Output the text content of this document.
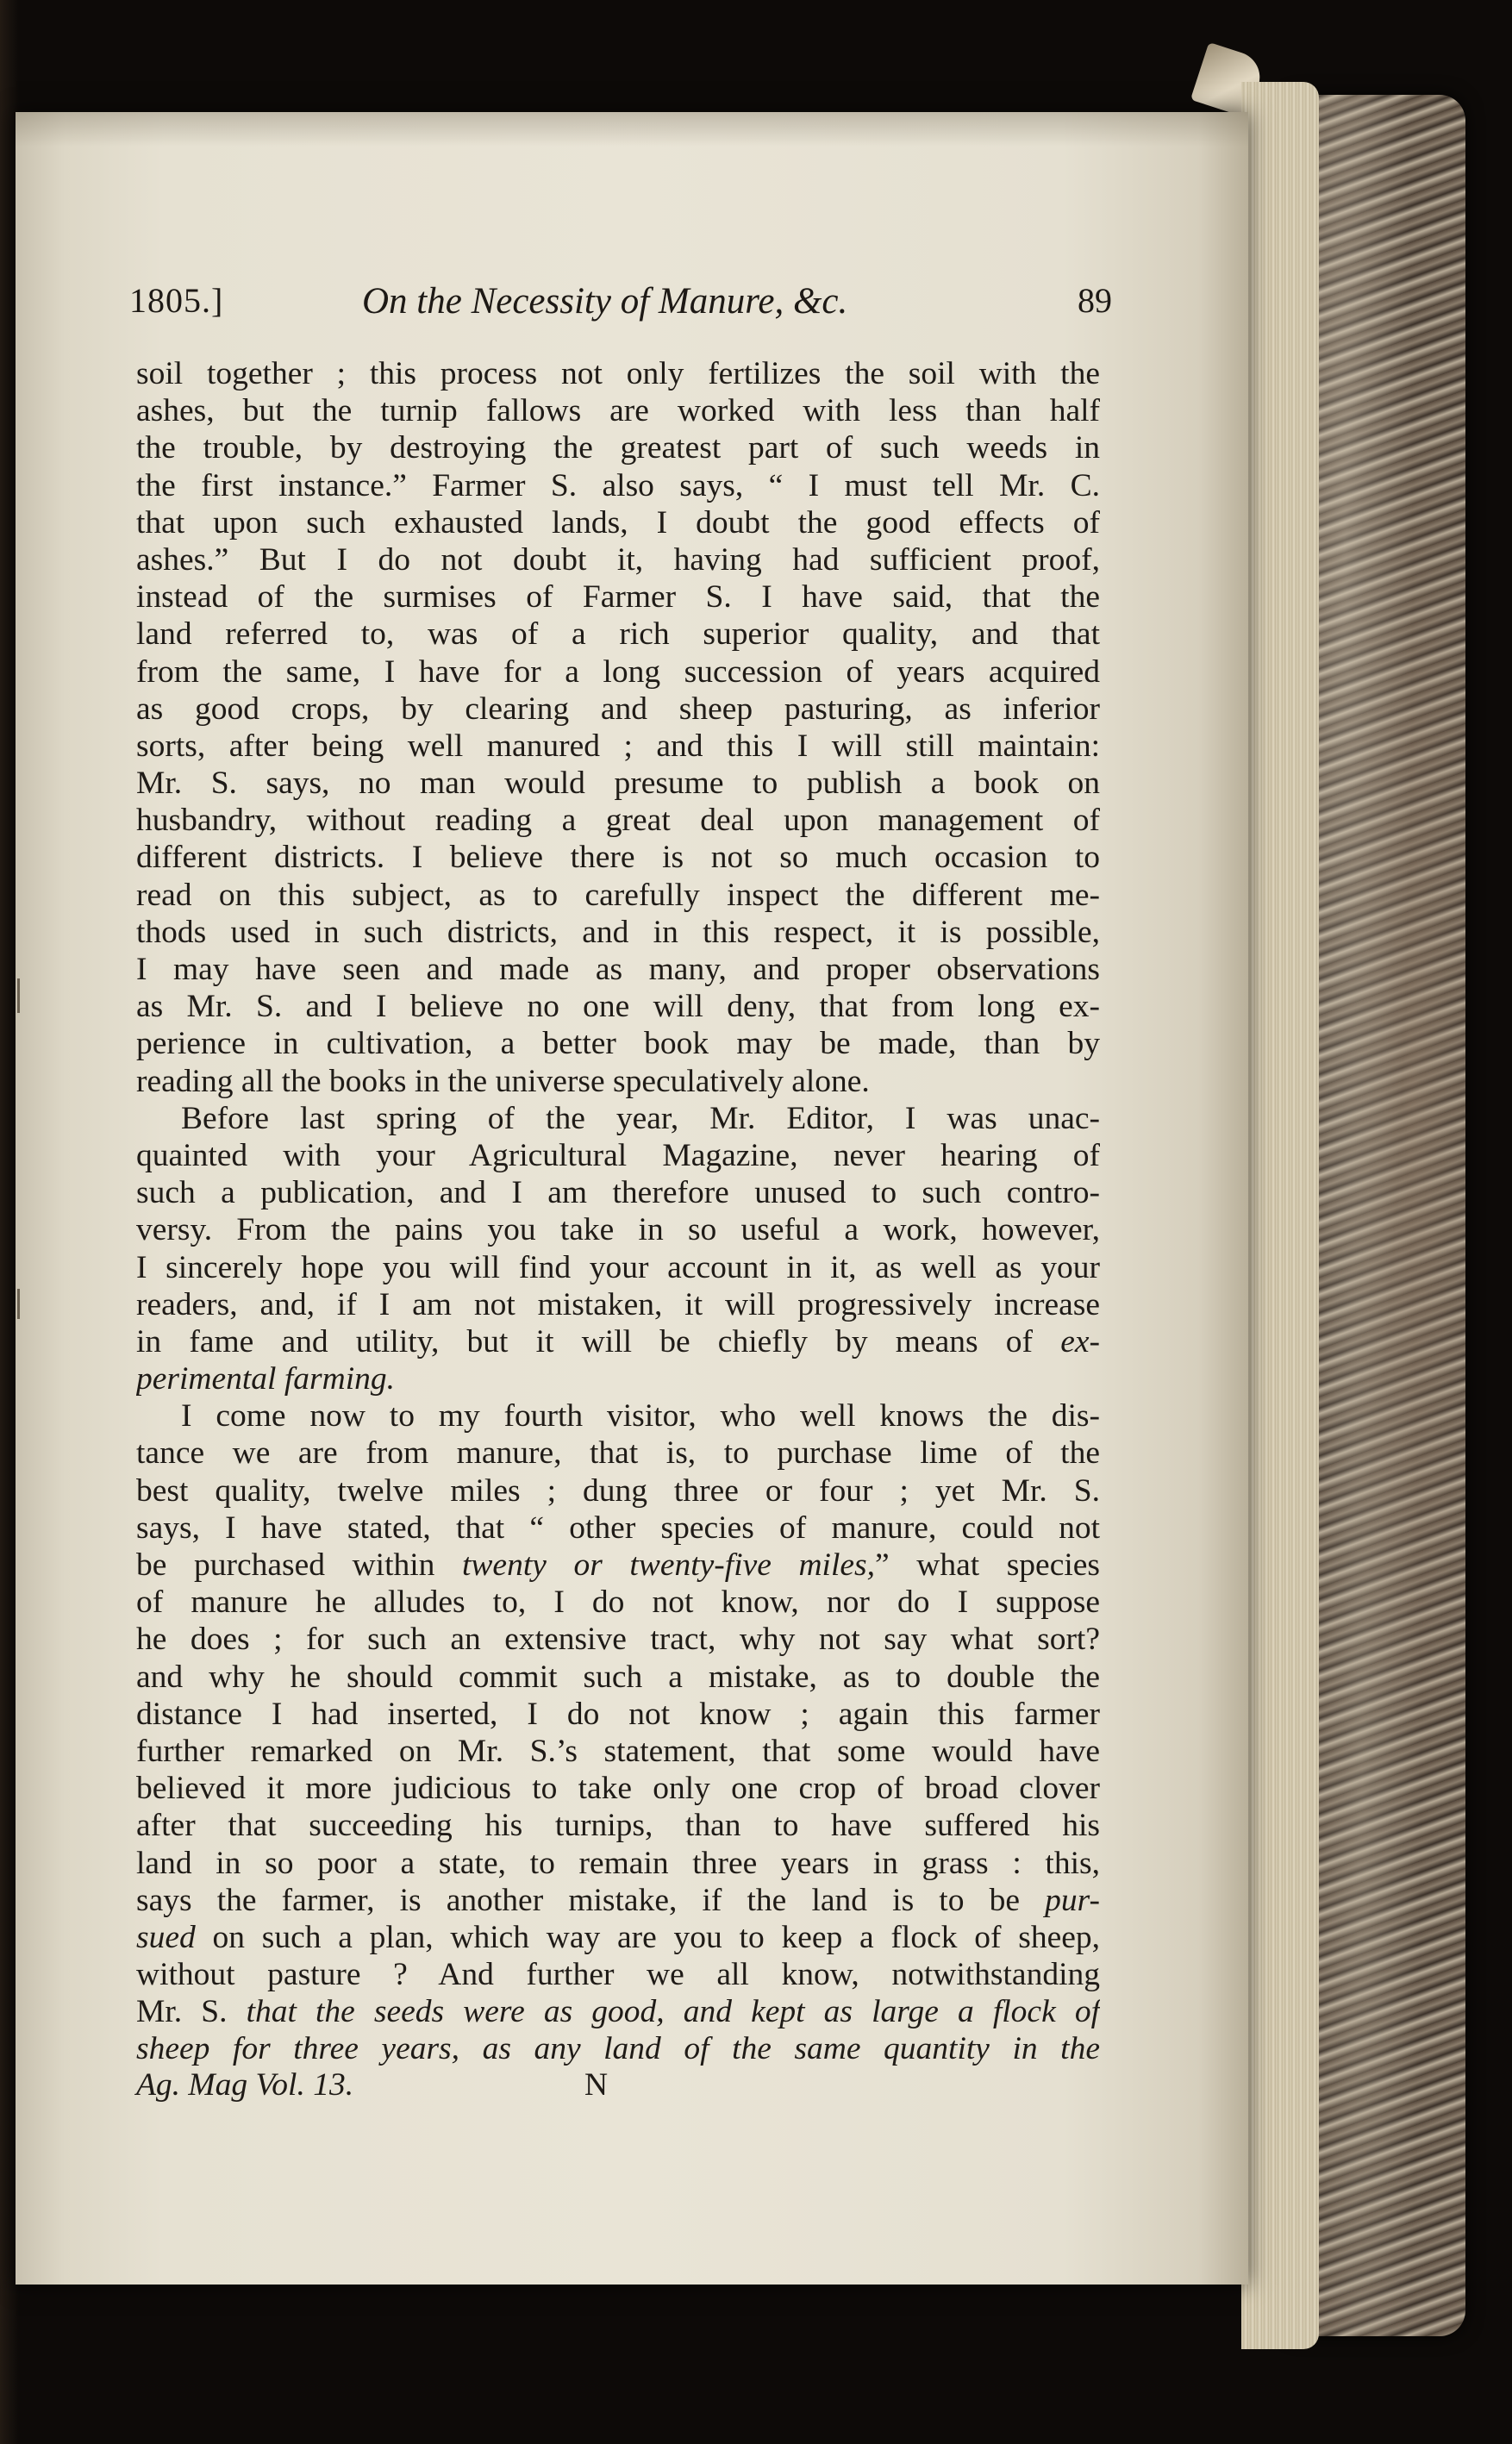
1805.]	On the Necessity of Manure, &c.	89
soil together ; this process not only fertilizes the soil with the
ashes, but the turnip fallows are worked with less than half
the trouble, by destroying the greatest part of such weeds in
the first instance.” Farmer S. also says, “ I must tell Mr. C.
that upon such exhausted lands, I doubt the good effects of
ashes.” But I do not doubt it, having had sufficient proof,
instead of the surmises of Farmer S. I have said, that the
land referred to, was of a rich superior quality, and that
from the same, I have for a long succession of years acquired
as good crops, by clearing and sheep pasturing, as inferior
sorts, after being well manured ; and this I will still maintain:
Mr. S. says, no man would presume to publish a book on
husbandry, without reading a great deal upon management of
different districts. I believe there is not so much occasion to
read on this subject, as to carefully inspect the different me-
thods used in such districts, and in this respect, it is possible,
I may have seen and made as many, and proper observations
as Mr. S. and I believe no one will deny, that from long ex-
perience in cultivation, a better book may be made, than by
reading all the books in the universe speculatively alone.
Before last spring of the year, Mr. Editor, I was unac-
quainted with your Agricultural Magazine, never hearing of
such a publication, and I am therefore unused to such contro-
versy. From the pains you take in so useful a work, however,
I sincerely hope you will find your account in it, as well as your
readers, and, if I am not mistaken, it will progressively increase
in fame and utility, but it will be chiefly by means of ex-
perimental farming.
I come now to my fourth visitor, who well knows the dis-
tance we are from manure, that is, to purchase lime of the
best quality, twelve miles ; dung three or four ; yet Mr. S.
says, I have stated, that “ other species of manure, could not
be purchased within twenty or twenty-five miles,” what species
of manure he alludes to, I do not know, nor do I suppose
he does ; for such an extensive tract, why not say what sort?
and why he should commit such a mistake, as to double the
distance I had inserted, I do not know ; again this farmer
further remarked on Mr. S.’s statement, that some would have
believed it more judicious to take only one crop of broad clover
after that succeeding his turnips, than to have suffered his
land in so poor a state, to remain three years in grass : this,
says the farmer, is another mistake, if the land is to be pur-
sued on such a plan, which way are you to keep a flock of sheep,
without pasture ? And further we all know, notwithstanding
Mr. S. that the seeds were as good, and kept as large a flock of
sheep for three years, as any land of the same quantity in the
Ag. Mag Vol. 13.	N
